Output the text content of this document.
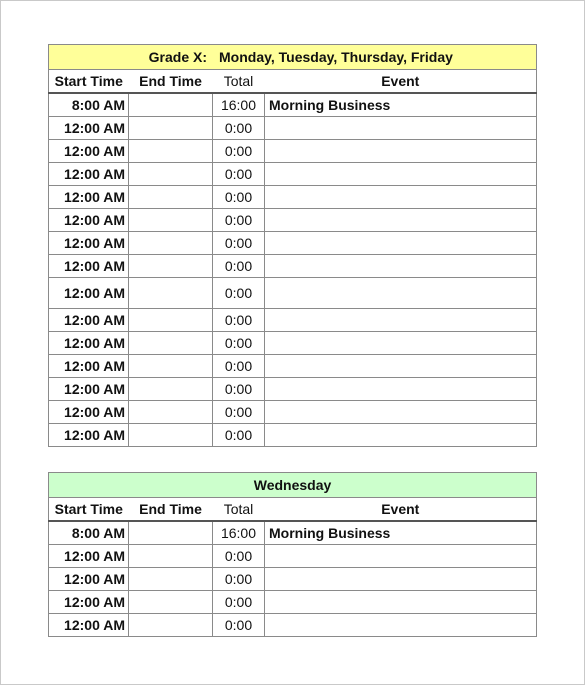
Grade X: Monday, Tuesday, Thursday, Friday			
Start Time	End Time	Total	Event
8:00 AM		16:00	Morning Business
12:00 AM		0:00	
12:00 AM		0:00	
12:00 AM		0:00	
12:00 AM		0:00	
12:00 AM		0:00	
12:00 AM		0:00	
12:00 AM		0:00	
12:00 AM		0:00	
12:00 AM		0:00	
12:00 AM		0:00	
12:00 AM		0:00	
12:00 AM		0:00	
12:00 AM		0:00	
12:00 AM		0:00	
Wednesday			
Start Time	End Time	Total	Event
8:00 AM		16:00	Morning Business
12:00 AM		0:00	
12:00 AM		0:00	
12:00 AM		0:00	
12:00 AM		0:00	
